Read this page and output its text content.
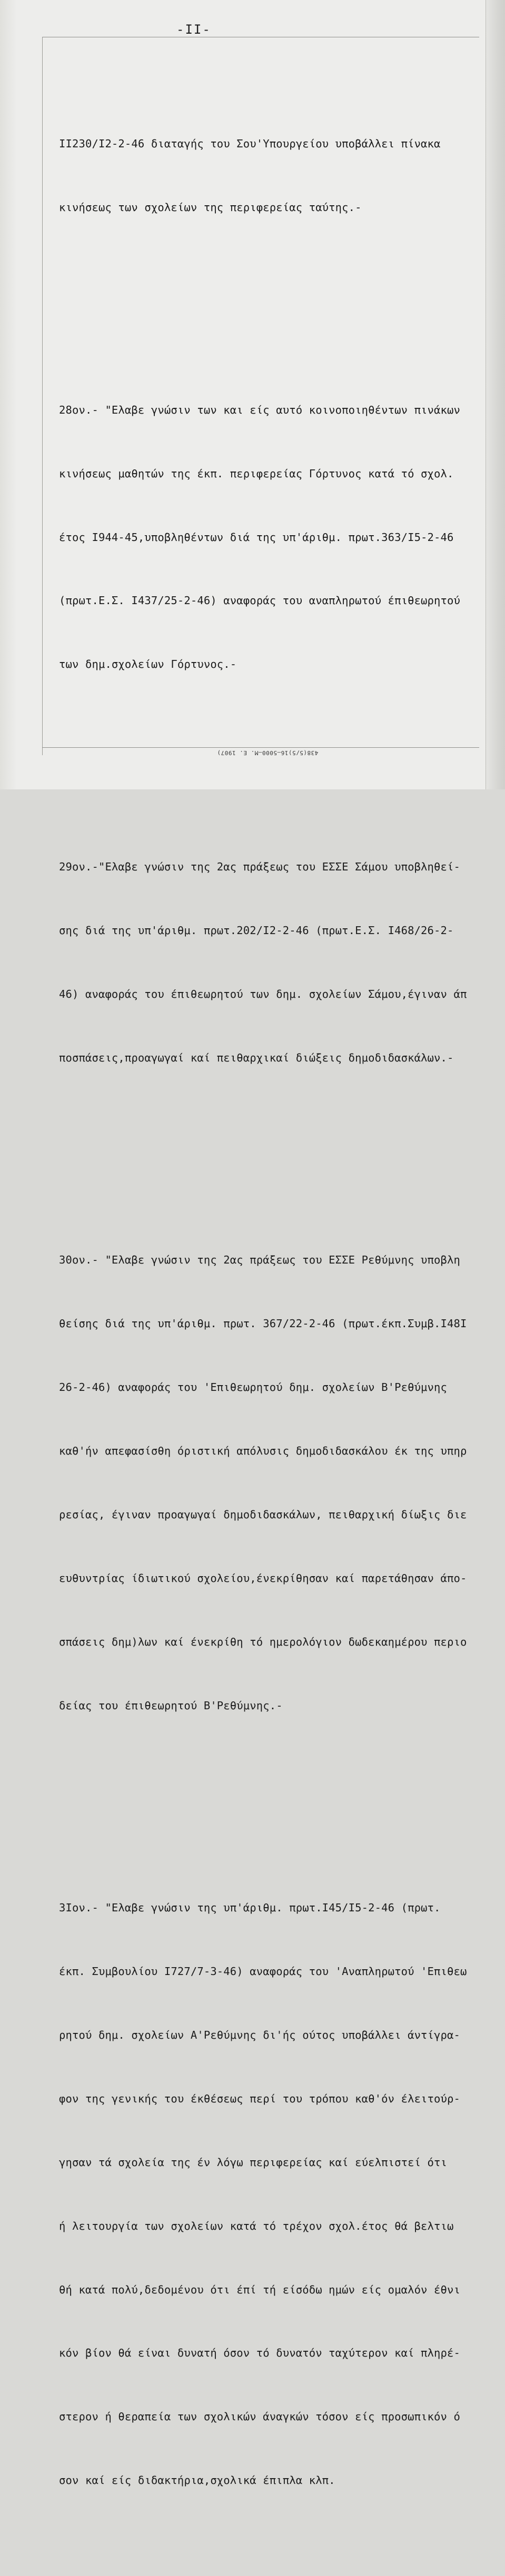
-II-

II230/I2-2-46 διαταγής του Σου'Υπουργείου υποβάλλει πίνακα

κινήσεως των σχολείων της περιφερείας ταύτης.-

28ον.- "Ελαβε γνώσιν των και είς αυτό κοινοποιηθέντων πινάκων

κινήσεως μαθητών της έκπ. περιφερείας Γόρτυνος κατά τό σχολ.

έτος I944-45,υποβληθέντων διά της υπ'άριθμ. πρωτ.363/I5-2-46

(πρωτ.Ε.Σ. I437/25-2-46) αναφοράς του αναπληρωτού έπιθεωρητού

των δημ.σχολείων Γόρτυνος.-

29ον.-"Ελαβε γνώσιν της 2ας πράξεως του ΕΣΣΕ Σάμου υποβληθεί-

σης διά της υπ'άριθμ. πρωτ.202/I2-2-46 (πρωτ.Ε.Σ. I468/26-2-

46) αναφοράς του έπιθεωρητού των δημ. σχολείων Σάμου,έγιναν άπ

ποσπάσεις,προαγωγαί καί πειθαρχικαί διώξεις δημοδιδασκάλων.-

30ον.- "Ελαβε γνώσιν της 2ας πράξεως του ΕΣΣΕ Ρεθύμνης υποβλη

θείσης διά της υπ'άριθμ. πρωτ. 367/22-2-46 (πρωτ.έκπ.Συμβ.I48I

26-2-46) αναφοράς του 'Επιθεωρητού δημ. σχολείων Β'Ρεθύμνης

καθ'ήν απεφασίσθη όριστική απόλυσις δημοδιδασκάλου έκ της υπηρ

ρεσίας, έγιναν προαγωγαί δημοδιδασκάλων, πειθαρχική δίωξις διε

ευθυντρίας ίδιωτικού σχολείου,ένεκρίθησαν καί παρετάθησαν άπο-

σπάσεις δημ)λων καί ένεκρίθη τό ημερολόγιον δωδεκαημέρου περιο

δείας του έπιθεωρητού Β'Ρεθύμνης.-

3Iον.- "Ελαβε γνώσιν της υπ'άριθμ. πρωτ.I45/I5-2-46 (πρωτ.

έκπ. Συμβουλίου I727/7-3-46) αναφοράς του 'Αναπληρωτού 'Επιθεω

ρητού δημ. σχολείων Α'Ρεθύμνης δι'ής ούτος υποβάλλει άντίγρα-

φον της γενικής του έκθέσεως περί του τρόπου καθ'όν έλειτούρ-

γησαν τά σχολεία της έν λόγω περιφερείας καί εύελπιστεί ότι

ή λειτουργία των σχολείων κατά τό τρέχον σχολ.έτος θά βελτιω

θή κατά πολύ,δεδομένου ότι έπί τή είσόδω ημών είς ομαλόν έθνι

κόν βίον θά είναι δυνατή όσον τό δυνατόν ταχύτερον καί πληρέ-

στερον ή θεραπεία των σχολικών άναγκών τόσον είς προσωπικόν ό

σον καί είς διδακτήρια,σχολικά έπιπλα κλπ.

438(5/5)16—5000—Μ. Ε. 1907)
